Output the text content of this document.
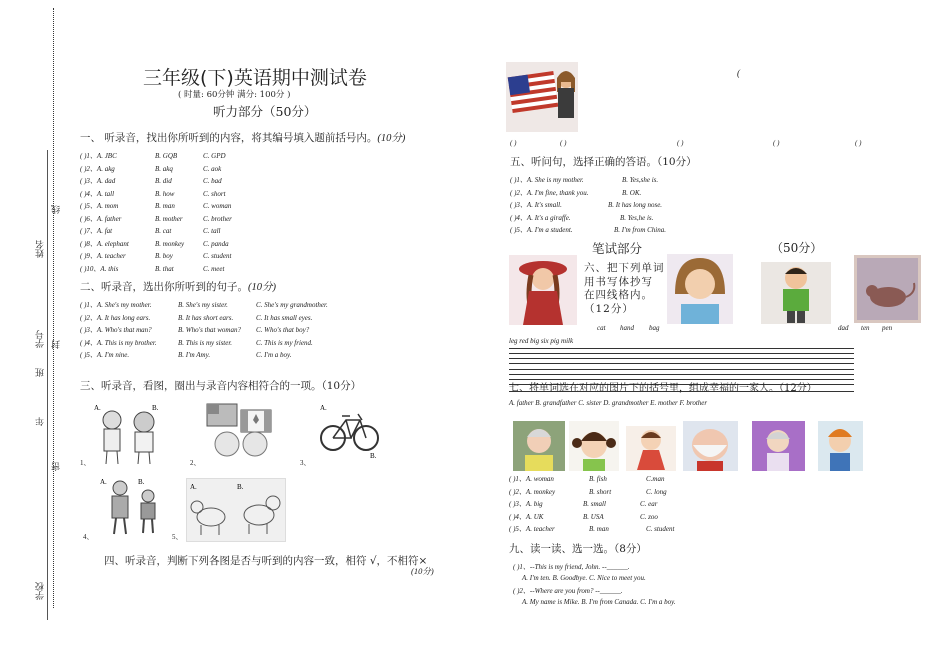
学校
年
班
姓名
学号
密
封
线
三年级(下)英语期中测试卷
( 时量: 60分钟 满分: 100分 )
听力部分（50分）
一、 听录音，找出你所听到的内容，将其编号填入题前括号内。(10分)
( )1、A. JBC	B. GQB	C. GPD
( )2、A. akg	B. akq	C. aok
( )3、A. dad	B. did	C. bad
( )4、A. tall	B. how	C. short
( )5、A. mom	B. man	C. woman
( )6、A. father	B. mother	C. brother
( )7、A. fat	B. cat	C. tall
( )8、A. elephant	B. monkey	C. panda
( )9、A. teacher	B. boy	C. student
( )10、A. this	B. that	C. meet
二、听录音，选出你所听到的句子。(10分)
( )1、A. She's my mother.	B. She's my sister.	C. She's my grandmother.
( )2、A. It has long ears.	B. It has short ears.	C. It has small eyes.
( )3、A. Who's that man?	B. Who's that woman? C. Who's that boy?
( )4、A. This is my brother.	B. This is my sister.	C. This is my friend.
( )5、A. I'm nine.	B. I'm Amy.	C. I'm a boy.
三、听录音，看图，圈出与录音内容相符合的一项。（10分）
A.	B.
1、	2、
A.
B.
3、
A.	B.
4、
A.	B.
5、
四、听录音，判断下列各图是否与听到的内容一致，相符 √，不相符×
(10分)
(
( )	( )	( )	( )	( )
五、听问句，选择正确的答语。（10分）
( )1、A. She is my mother.	B. Yes,she is.
( )2、A. I'm fine, thank you.	B. OK.
( )3、A. It's small.	B. It has long nose.
( )4、A. It's a giraffe.	B. Yes,he is.
( )5、A. I'm a student.	B. I'm from China.
笔试部分	（50分）
六、把下列单词
用书写体抄写
在四线格内。
（12分）
cat hand bag	dad ten pen
leg red big six pig milk
七、将单词选在对应的图片下的括号里，组成幸福的一家人。（12分）
A. father B. grandfather C. sister D. grandmother E. mother F. brother
( )1、A. woman	B. fish	C.man
( )2、A. monkey	B. short	C. long
( )3、A. big	B. small	C. ear
( )4、A. UK	B. USA	C. zoo
( )5、A. teacher	B. man	C. student
九、读一读、选一选。（8分）
( )1、--This is my friend, John. --______.
A. I'm ten. B. Goodbye. C. Nice to meet you.
( )2、--Where are you from? --______.
A. My name is Mike. B. I'm from Canada. C. I'm a boy.
